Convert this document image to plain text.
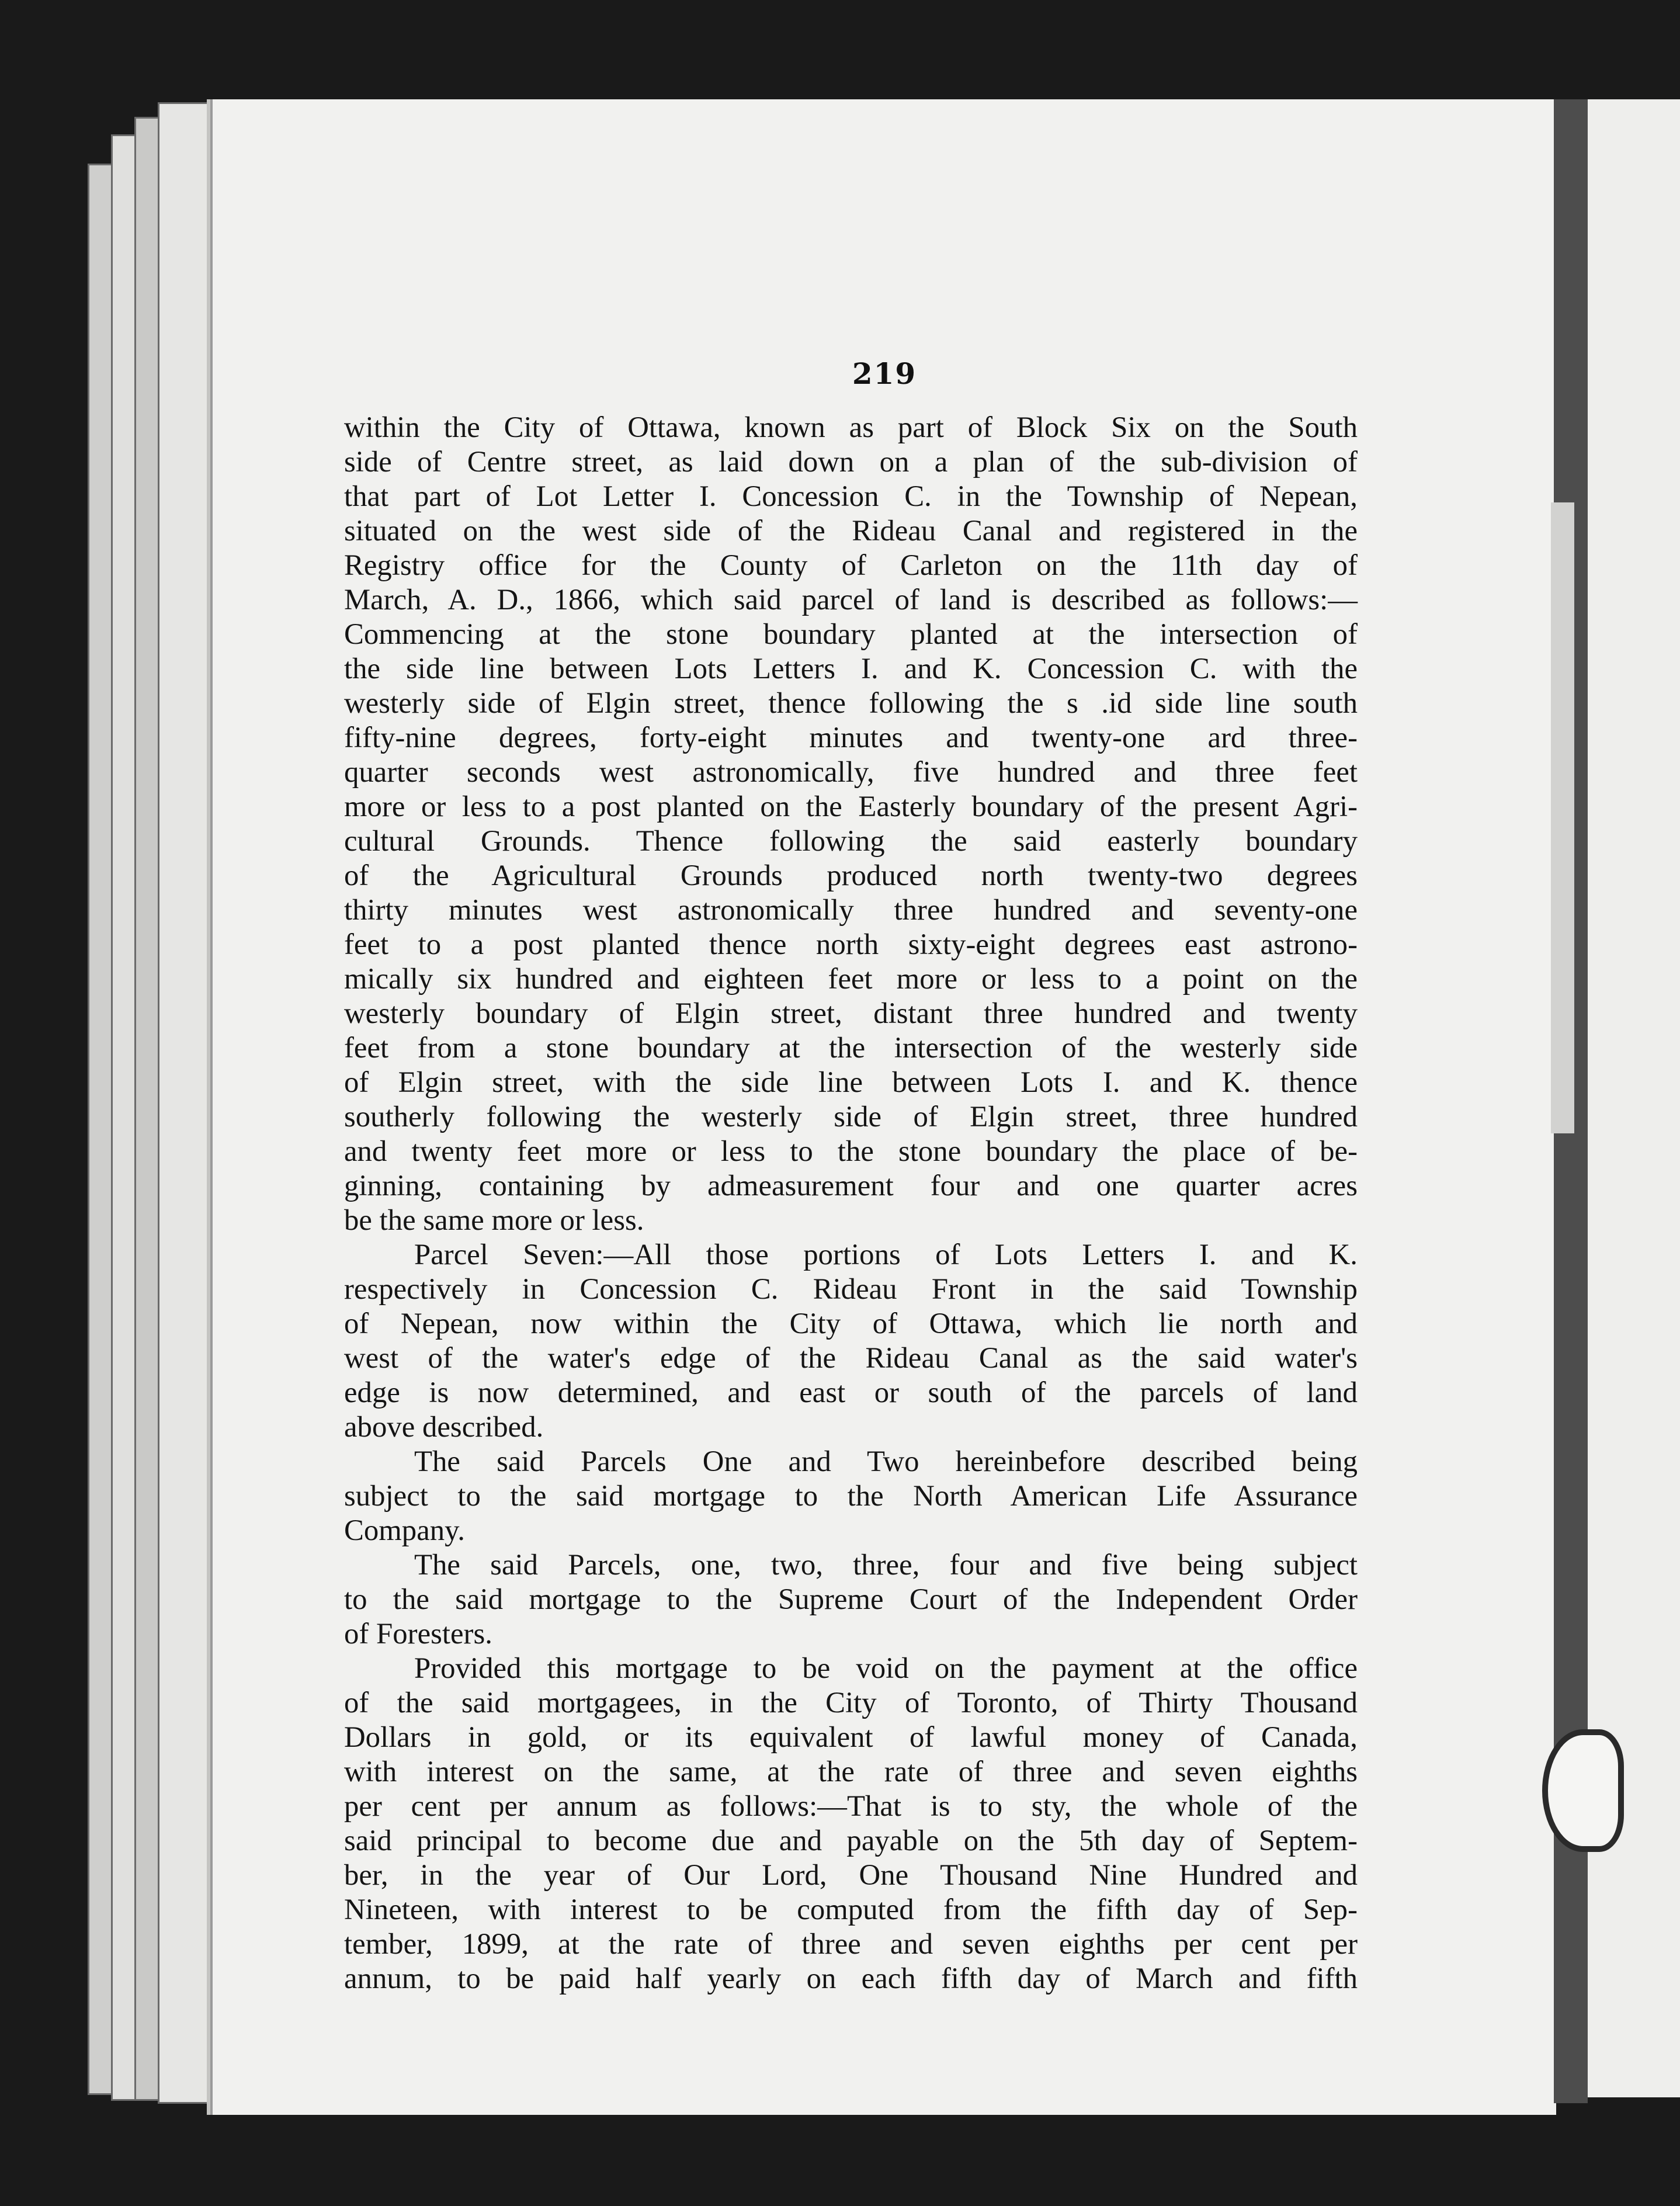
219
within the City of Ottawa, known as part of Block Six on the South
side of Centre street, as laid down on a plan of the sub-division of
that part of Lot Letter I. Concession C. in the Township of Nepean,
situated on the west side of the Rideau Canal and registered in the
Registry office for the County of Carleton on the 11th day of
March, A. D., 1866, which said parcel of land is described as follows:—
Commencing at the stone boundary planted at the intersection of
the side line between Lots Letters I. and K. Concession C. with the
westerly side of Elgin street, thence following the s .id side line south
fifty-nine degrees, forty-eight minutes and twenty-one ard three-
quarter seconds west astronomically, five hundred and three feet
more or less to a post planted on the Easterly boundary of the present Agri-
cultural Grounds. Thence following the said easterly boundary
of the Agricultural Grounds produced north twenty-two degrees
thirty minutes west astronomically three hundred and seventy-one
feet to a post planted thence north sixty-eight degrees east astrono-
mically six hundred and eighteen feet more or less to a point on the
westerly boundary of Elgin street, distant three hundred and twenty
feet from a stone boundary at the intersection of the westerly side
of Elgin street, with the side line between Lots I. and K. thence
southerly following the westerly side of Elgin street, three hundred
and twenty feet more or less to the stone boundary the place of be-
ginning, containing by admeasurement four and one quarter acres
be the same more or less.
Parcel Seven:—All those portions of Lots Letters I. and K.
respectively in Concession C. Rideau Front in the said Township
of Nepean, now within the City of Ottawa, which lie north and
west of the water's edge of the Rideau Canal as the said water's
edge is now determined, and east or south of the parcels of land
above described.
The said Parcels One and Two hereinbefore described being
subject to the said mortgage to the North American Life Assurance
Company.
The said Parcels, one, two, three, four and five being subject
to the said mortgage to the Supreme Court of the Independent Order
of Foresters.
Provided this mortgage to be void on the payment at the office
of the said mortgagees, in the City of Toronto, of Thirty Thousand
Dollars in gold, or its equivalent of lawful money of Canada,
with interest on the same, at the rate of three and seven eighths
per cent per annum as follows:—That is to sty, the whole of the
said principal to become due and payable on the 5th day of Septem-
ber, in the year of Our Lord, One Thousand Nine Hundred and
Nineteen, with interest to be computed from the fifth day of Sep-
tember, 1899, at the rate of three and seven eighths per cent per
annum, to be paid half yearly on each fifth day of March and fifth
